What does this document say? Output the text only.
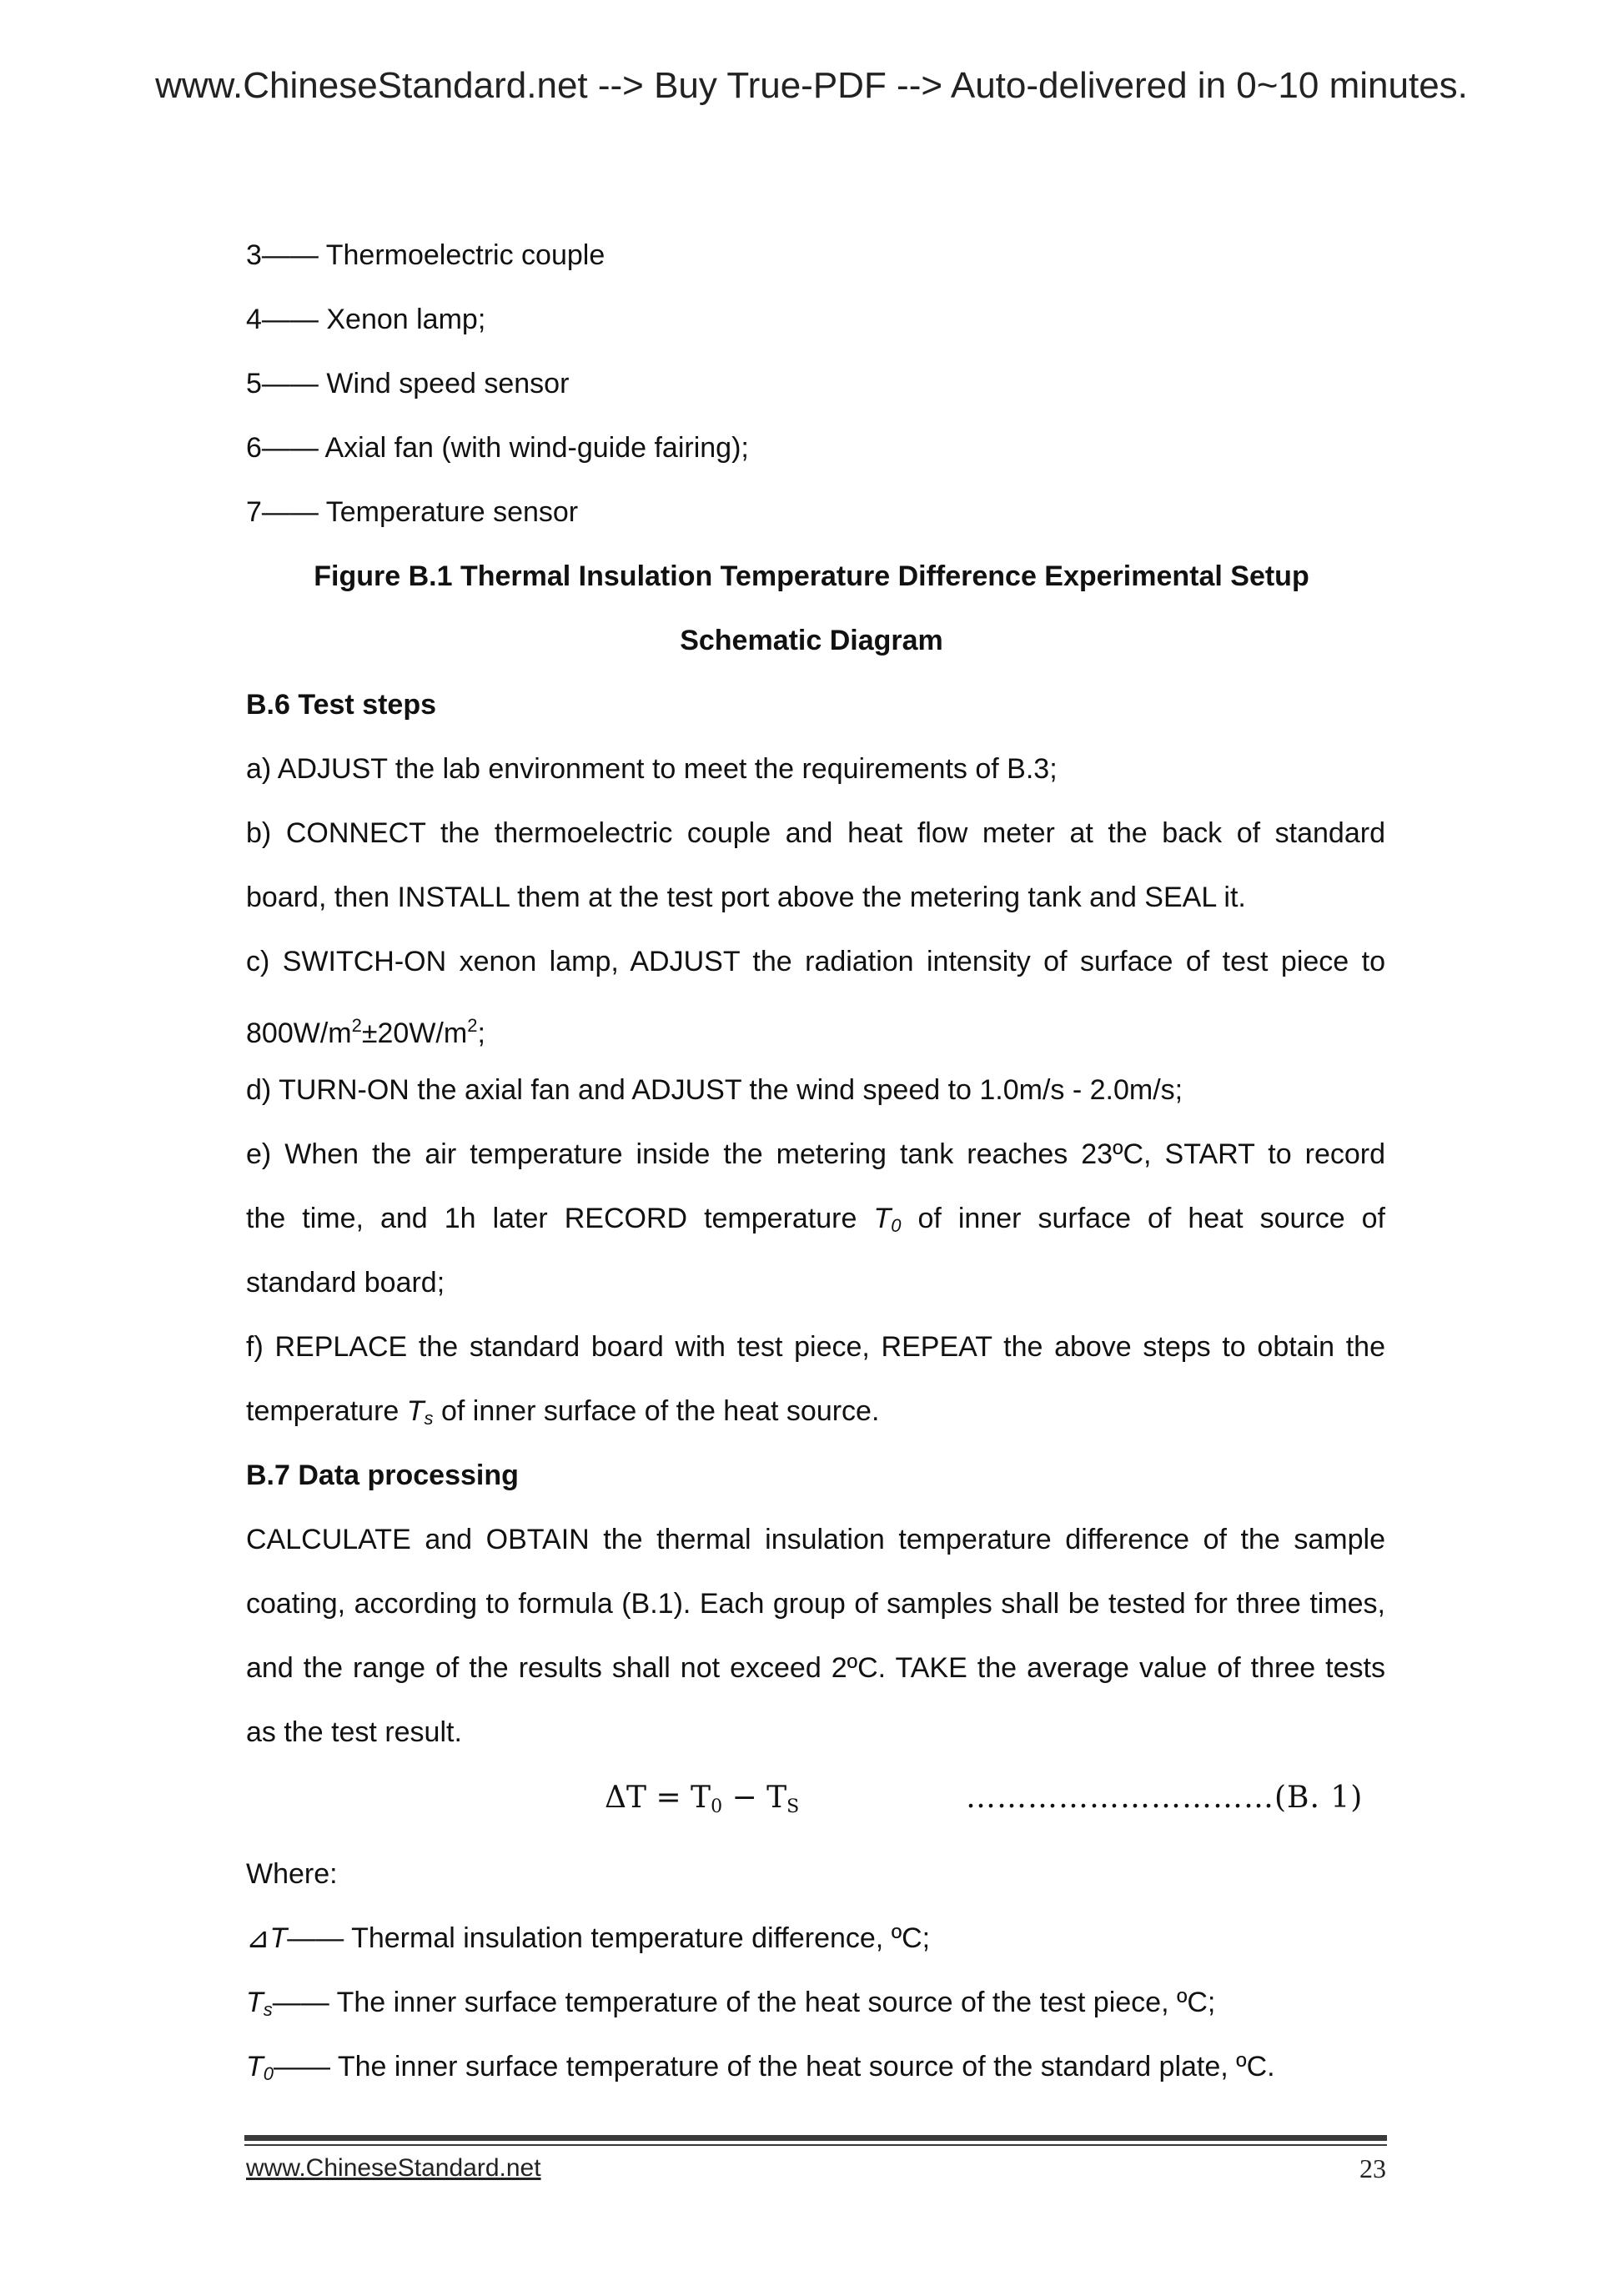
www.ChineseStandard.net --> Buy True-PDF --> Auto-delivered in 0~10 minutes.
3—— Thermoelectric couple
4—— Xenon lamp;
5—— Wind speed sensor
6—— Axial fan (with wind-guide fairing);
7—— Temperature sensor
Figure B.1 Thermal Insulation Temperature Difference Experimental Setup
Schematic Diagram
B.6 Test steps
a) ADJUST the lab environment to meet the requirements of B.3;
b) CONNECT the thermoelectric couple and heat flow meter at the back of standard
board, then INSTALL them at the test port above the metering tank and SEAL it.
c) SWITCH-ON xenon lamp, ADJUST the radiation intensity of surface of test piece to
$800W/m^2\pm 20W/m^2$;
d) TURN-ON the axial fan and ADJUST the wind speed to 1.0m/s - 2.0m/s;
e) When the air temperature inside the metering tank reaches 23ºC, START to record
the time, and 1h later RECORD temperature $T_0$ of inner surface of heat source of
standard board;
f) REPLACE the standard board with test piece, REPEAT the above steps to obtain the
temperature $T_s$ of inner surface of the heat source.
B.7 Data processing
CALCULATE and OBTAIN the thermal insulation temperature difference of the sample
coating, according to formula (B.1). Each group of samples shall be tested for three times,
and the range of the results shall not exceed 2ºC. TAKE the average value of three tests
as the test result.
ΔT = T0 − TS	…………………………(B. 1)
Where:
⊿T—— Thermal insulation temperature difference, ºC;
$T_s——$ The inner surface temperature of the heat source of the test piece, ºC;
$T_0——$ The inner surface temperature of the heat source of the standard plate, ºC.
www.ChineseStandard.net	23
